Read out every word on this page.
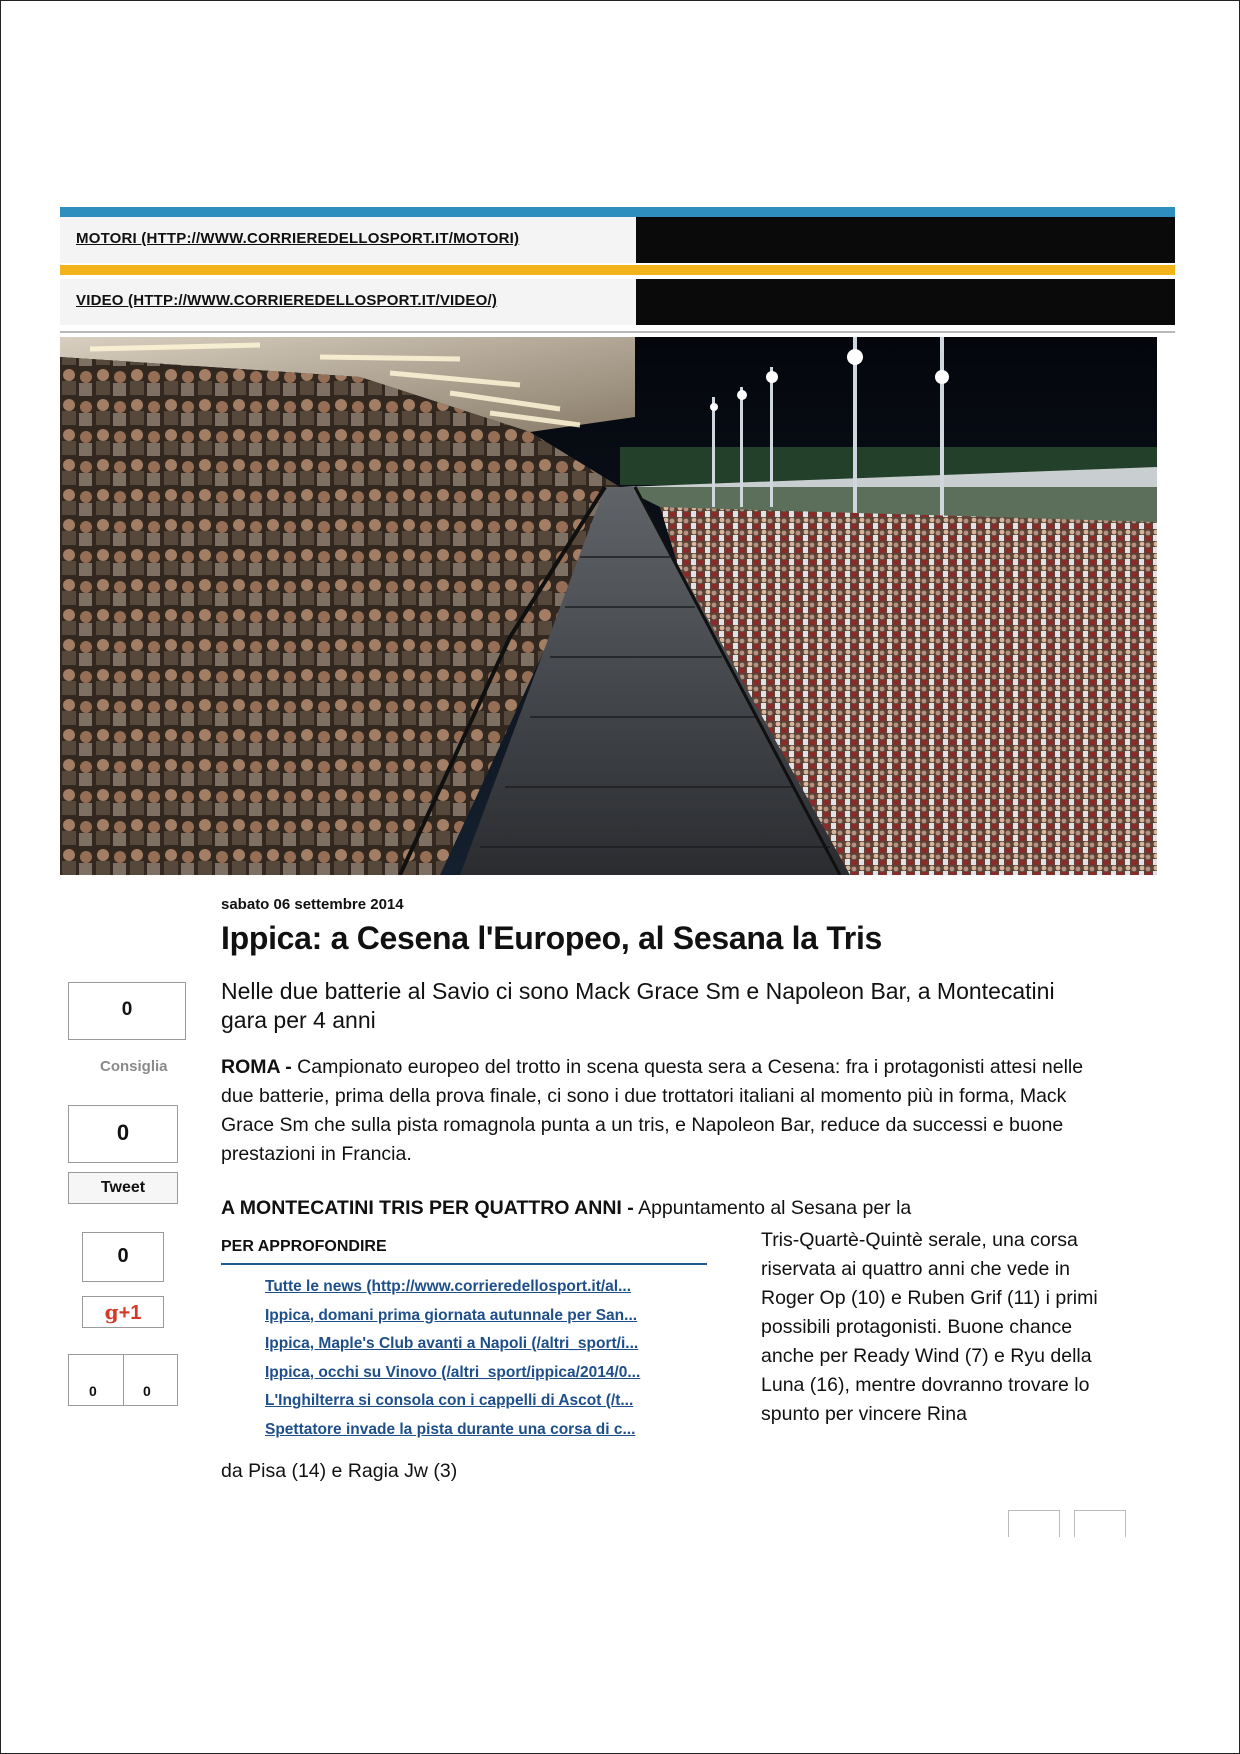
MOTORI (HTTP://WWW.CORRIEREDELLOSPORT.IT/MOTORI)
VIDEO (HTTP://WWW.CORRIEREDELLOSPORT.IT/VIDEO/)
sabato 06 settembre 2014
Ippica: a Cesena l'Europeo, al Sesana la Tris
Nelle due batterie al Savio ci sono Mack Grace Sm e Napoleon Bar, a Montecatini gara per 4 anni

ROMA - Campionato europeo del trotto in scena questa sera a Cesena: fra i protagonisti attesi nelle due batterie, prima della prova finale, ci sono i due trottatori italiani al momento più in forma, Mack Grace Sm che sulla pista romagnola punta a un tris, e Napoleon Bar, reduce da successi e buone prestazioni in Francia.

A MONTECATINI TRIS PER QUATTRO ANNI - Appuntamento al Sesana per la
Tris-Quartè-Quintè serale, una corsa riservata ai quattro anni che vede in Roger Op (10) e Ruben Grif (11) i primi possibili protagonisti. Buone chance anche per Ready Wind (7) e Ryu della Luna (16), mentre dovranno trovare lo spunto per vincere Rina
da Pisa (14) e Ragia Jw (3)
PER APPROFONDIRE
Tutte le news (http://www.corrieredellosport.it/al...
Ippica, domani prima giornata autunnale per San...
Ippica, Maple's Club avanti a Napoli (/altri_sport/i...
Ippica, occhi su Vinovo (/altri_sport/ippica/2014/0...
L'Inghilterra si consola con i cappelli di Ascot (/t...
Spettatore invade la pista durante una corsa di c...
0
Consiglia
0
Tweet
0
g+1
0	0
